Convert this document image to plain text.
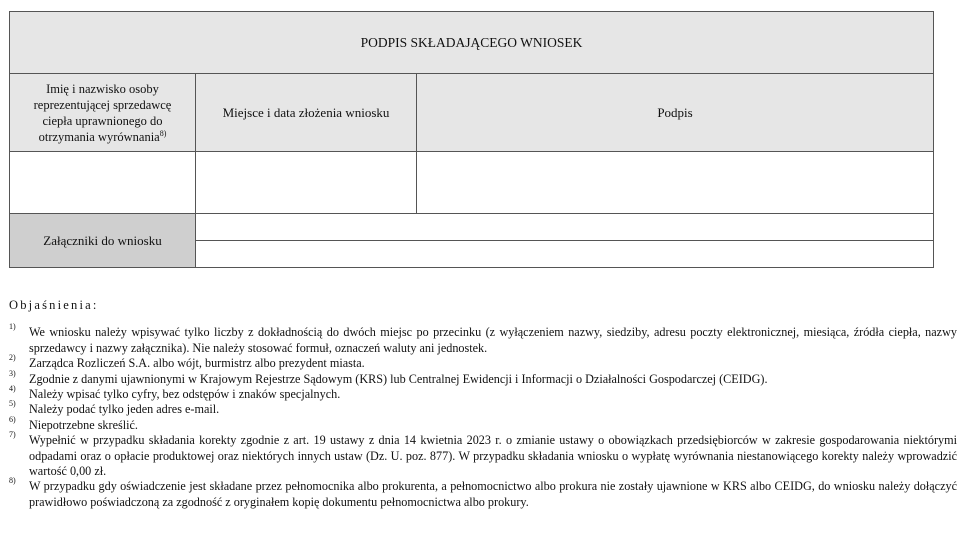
PODPIS SKŁADAJĄCEGO WNIOSEK		
Imię i nazwisko osoby reprezentującej sprzedawcę ciepła uprawnionego do otrzymania wyrównania$^{8)}$	Miejsce i data złożenia wniosku	Podpis

Załączniki do wniosku		

Objaśnienia:
1) We wniosku należy wpisywać tylko liczby z dokładnością do dwóch miejsc po przecinku (z wyłączeniem nazwy, siedziby, adresu poczty elektronicznej, miesiąca, źródła ciepła, nazwy sprzedawcy i nazwy załącznika). Nie należy stosować formuł, oznaczeń waluty ani jednostek.
2) Zarządca Rozliczeń S.A. albo wójt, burmistrz albo prezydent miasta.
3) Zgodnie z danymi ujawnionymi w Krajowym Rejestrze Sądowym (KRS) lub Centralnej Ewidencji i Informacji o Działalności Gospodarczej (CEIDG).
4) Należy wpisać tylko cyfry, bez odstępów i znaków specjalnych.
5) Należy podać tylko jeden adres e-mail.
6) Niepotrzebne skreślić.
7) Wypełnić w przypadku składania korekty zgodnie z art. 19 ustawy z dnia 14 kwietnia 2023 r. o zmianie ustawy o obowiązkach przedsiębiorców w zakresie gospodarowania niektórymi odpadami oraz o opłacie produktowej oraz niektórych innych ustaw (Dz. U. poz. 877). W przypadku składania wniosku o wypłatę wyrównania niestanowiącego korekty należy wprowadzić wartość 0,00 zł.
8) W przypadku gdy oświadczenie jest składane przez pełnomocnika albo prokurenta, a pełnomocnictwo albo prokura nie zostały ujawnione w KRS albo CEIDG, do wniosku należy dołączyć prawidłowo poświadczoną za zgodność z oryginałem kopię dokumentu pełnomocnictwa albo prokury.
